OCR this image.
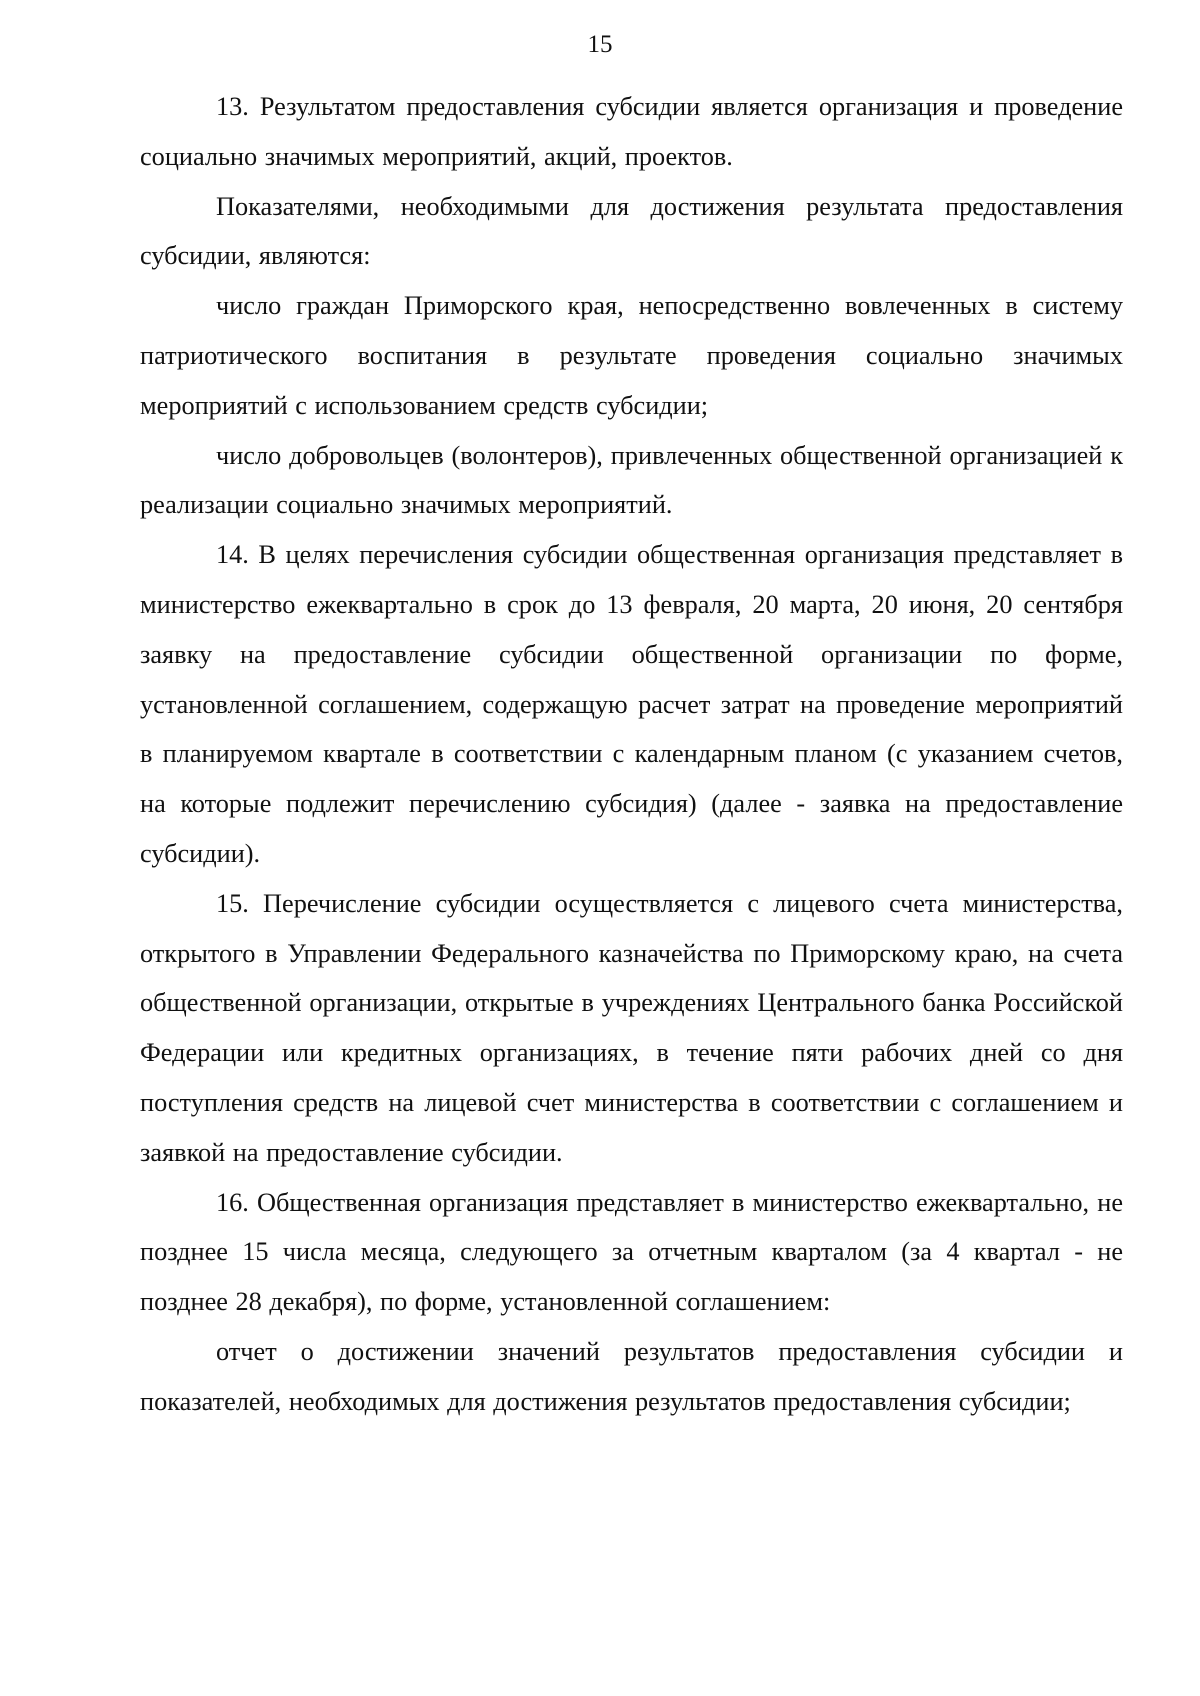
15

13. Результатом предоставления субсидии является организация и проведение социально значимых мероприятий, акций, проектов.

Показателями, необходимыми для достижения результата предоставления субсидии, являются:

число граждан Приморского края, непосредственно вовлеченных в систему патриотического воспитания в результате проведения социально значимых мероприятий с использованием средств субсидии;

число добровольцев (волонтеров), привлеченных общественной организацией к реализации социально значимых мероприятий.

14. В целях перечисления субсидии общественная организация представляет в министерство ежеквартально в срок до 13 февраля, 20 марта, 20 июня, 20 сентября заявку на предоставление субсидии общественной организации по форме, установленной соглашением, содержащую расчет затрат на проведение мероприятий в планируемом квартале в соответствии с календарным планом (с указанием счетов, на которые подлежит перечислению субсидия) (далее - заявка на предоставление субсидии).

15. Перечисление субсидии осуществляется с лицевого счета министерства, открытого в Управлении Федерального казначейства по Приморскому краю, на счета общественной организации, открытые в учреждениях Центрального банка Российской Федерации или кредитных организациях, в течение пяти рабочих дней со дня поступления средств на лицевой счет министерства в соответствии с соглашением и заявкой на предоставление субсидии.

16. Общественная организация представляет в министерство ежеквартально, не позднее 15 числа месяца, следующего за отчетным кварталом (за 4 квартал - не позднее 28 декабря), по форме, установленной соглашением:

отчет о достижении значений результатов предоставления субсидии и показателей, необходимых для достижения результатов предоставления субсидии;
